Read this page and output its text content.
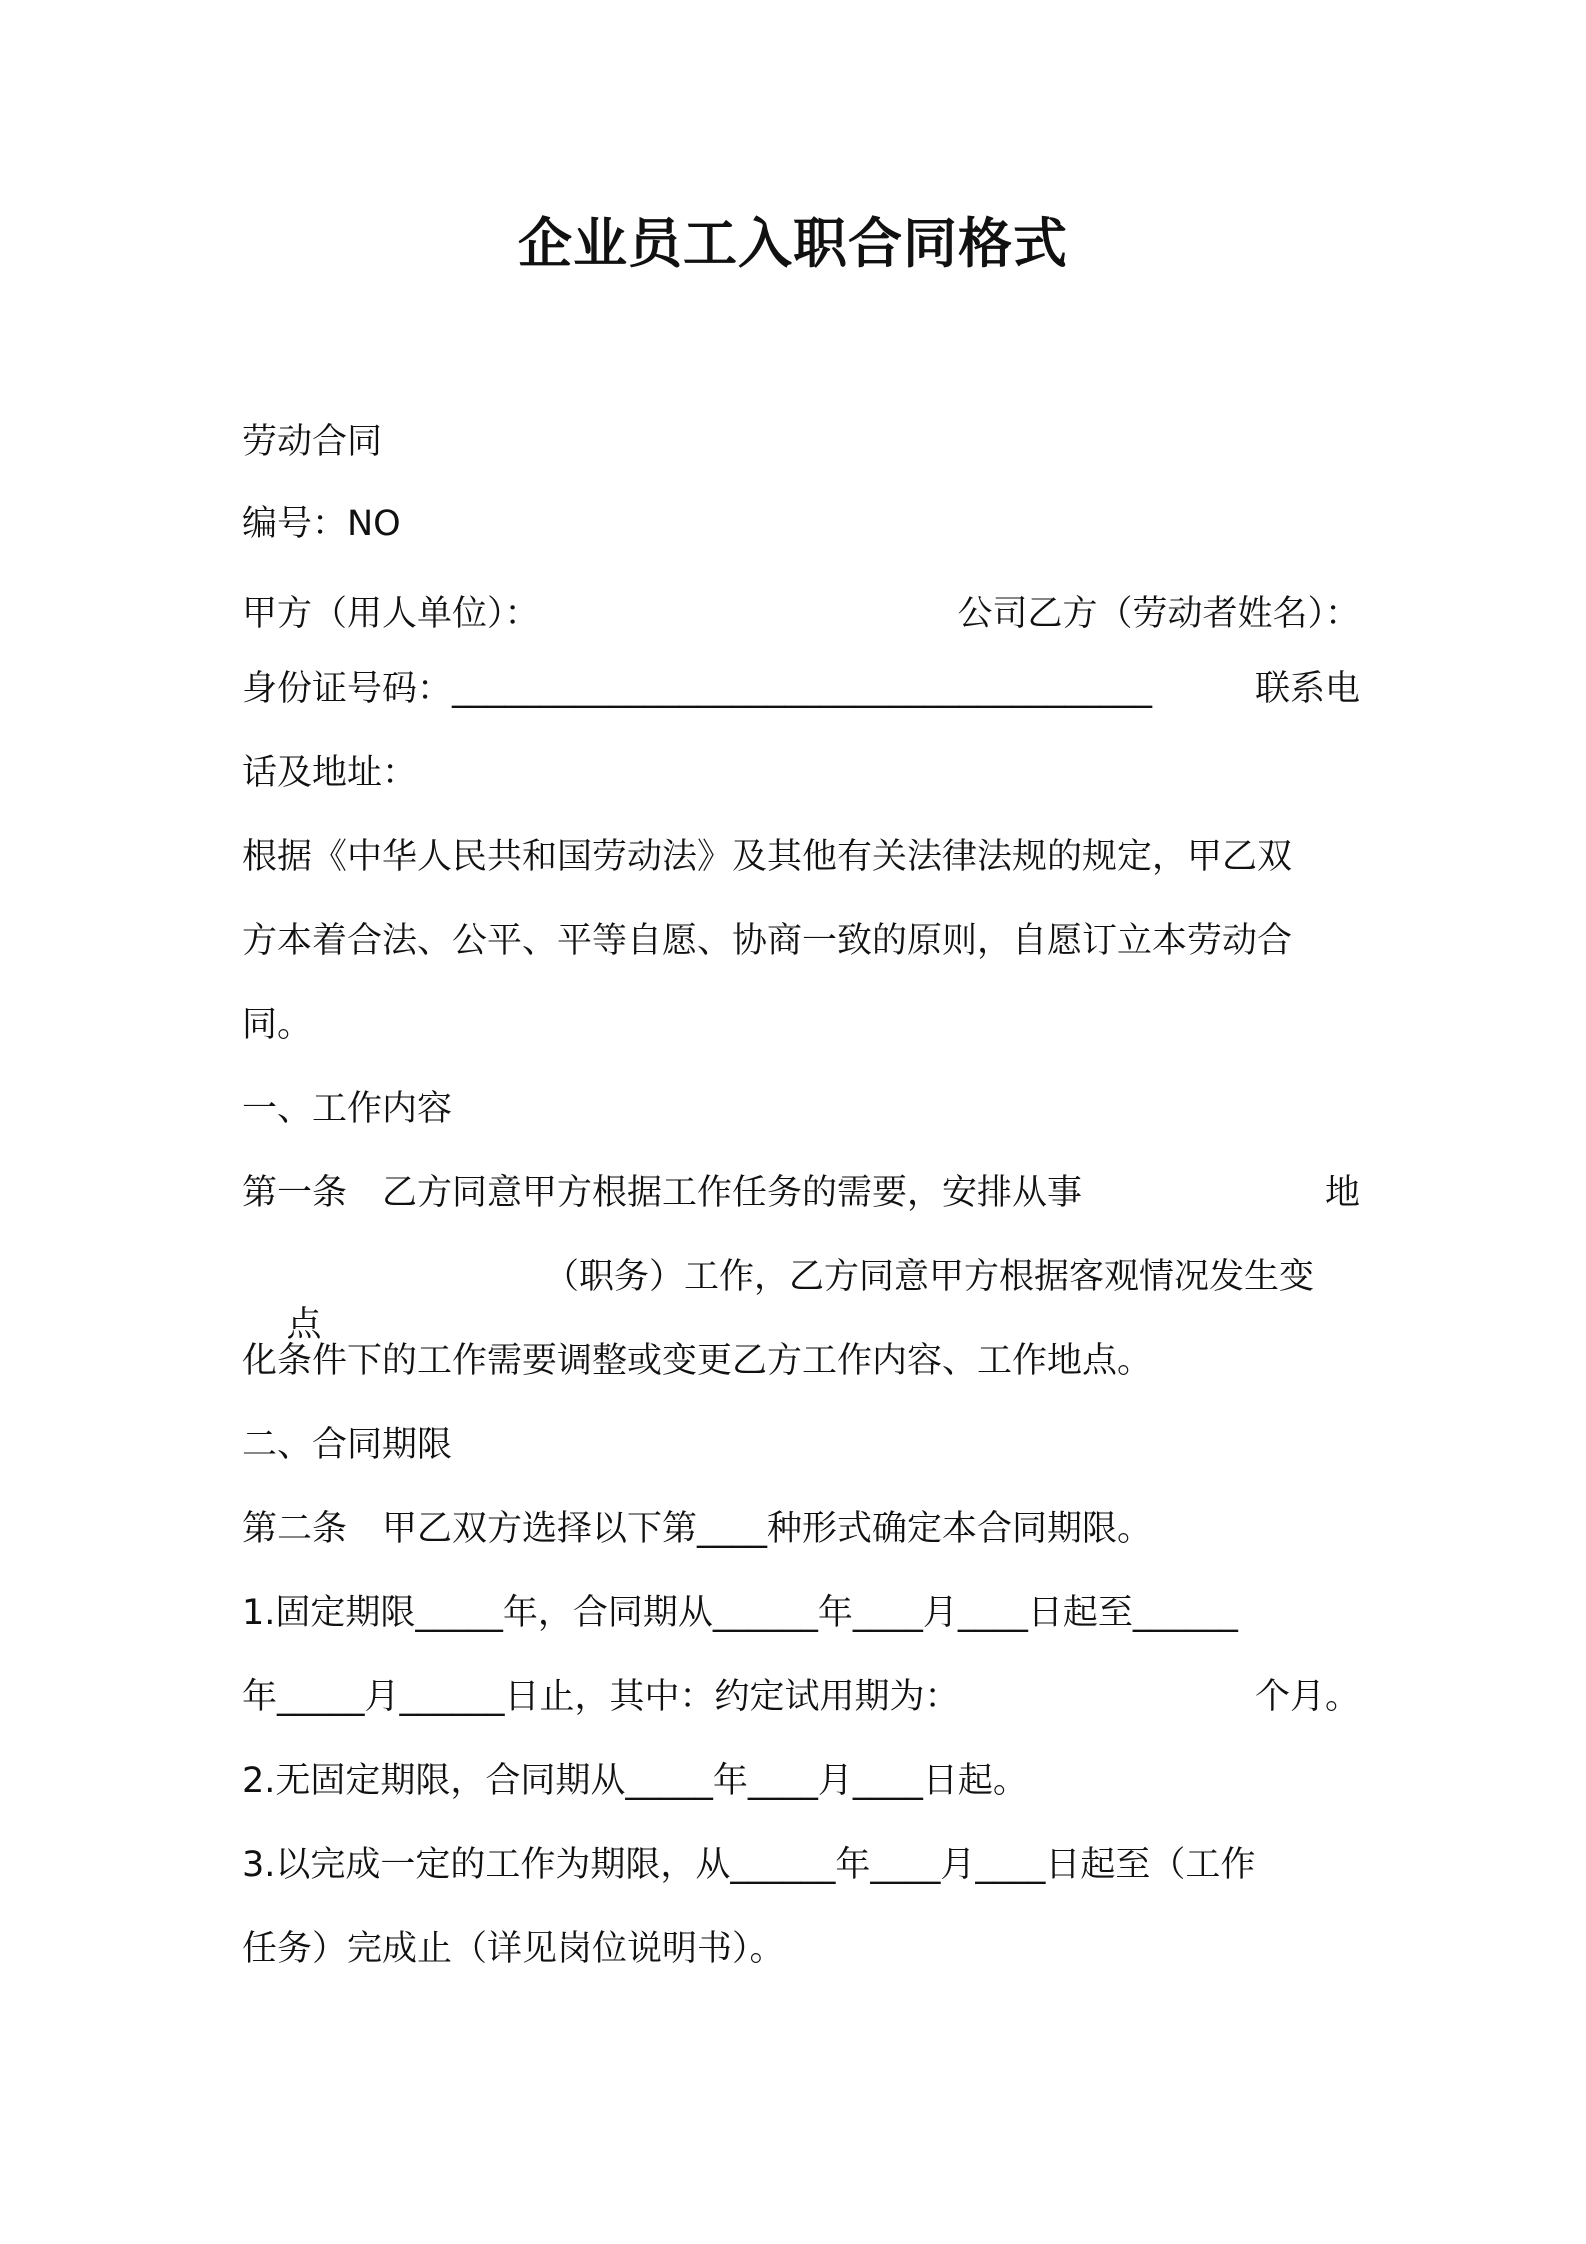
企业员工入职合同格式
劳动合同
编号：NO
甲方（用人单位）：	公司乙方（劳动者姓名）：
身份证号码：________________________________________	联系电
话及地址：
根据《中华人民共和国劳动法》及其他有关法律法规的规定，甲乙双
方本着合法、公平、平等自愿、协商一致的原则，自愿订立本劳动合
同。
一、工作内容
第一条　乙方同意甲方根据工作任务的需要，安排从事	地

点

（职务）工作，乙方同意甲方根据客观情况发生变

化条件下的工作需要调整或变更乙方工作内容、工作地点。
二、合同期限
第二条　甲乙双方选择以下第____种形式确定本合同期限。
1.固定期限_____年，合同期从______年____月____日起至______
年_____月______日止，其中：约定试用期为：	个月。
2.无固定期限，合同期从_____年____月____日起。
3.以完成一定的工作为期限，从______年____月____日起至（工作
任务）完成止（详见岗位说明书）。
